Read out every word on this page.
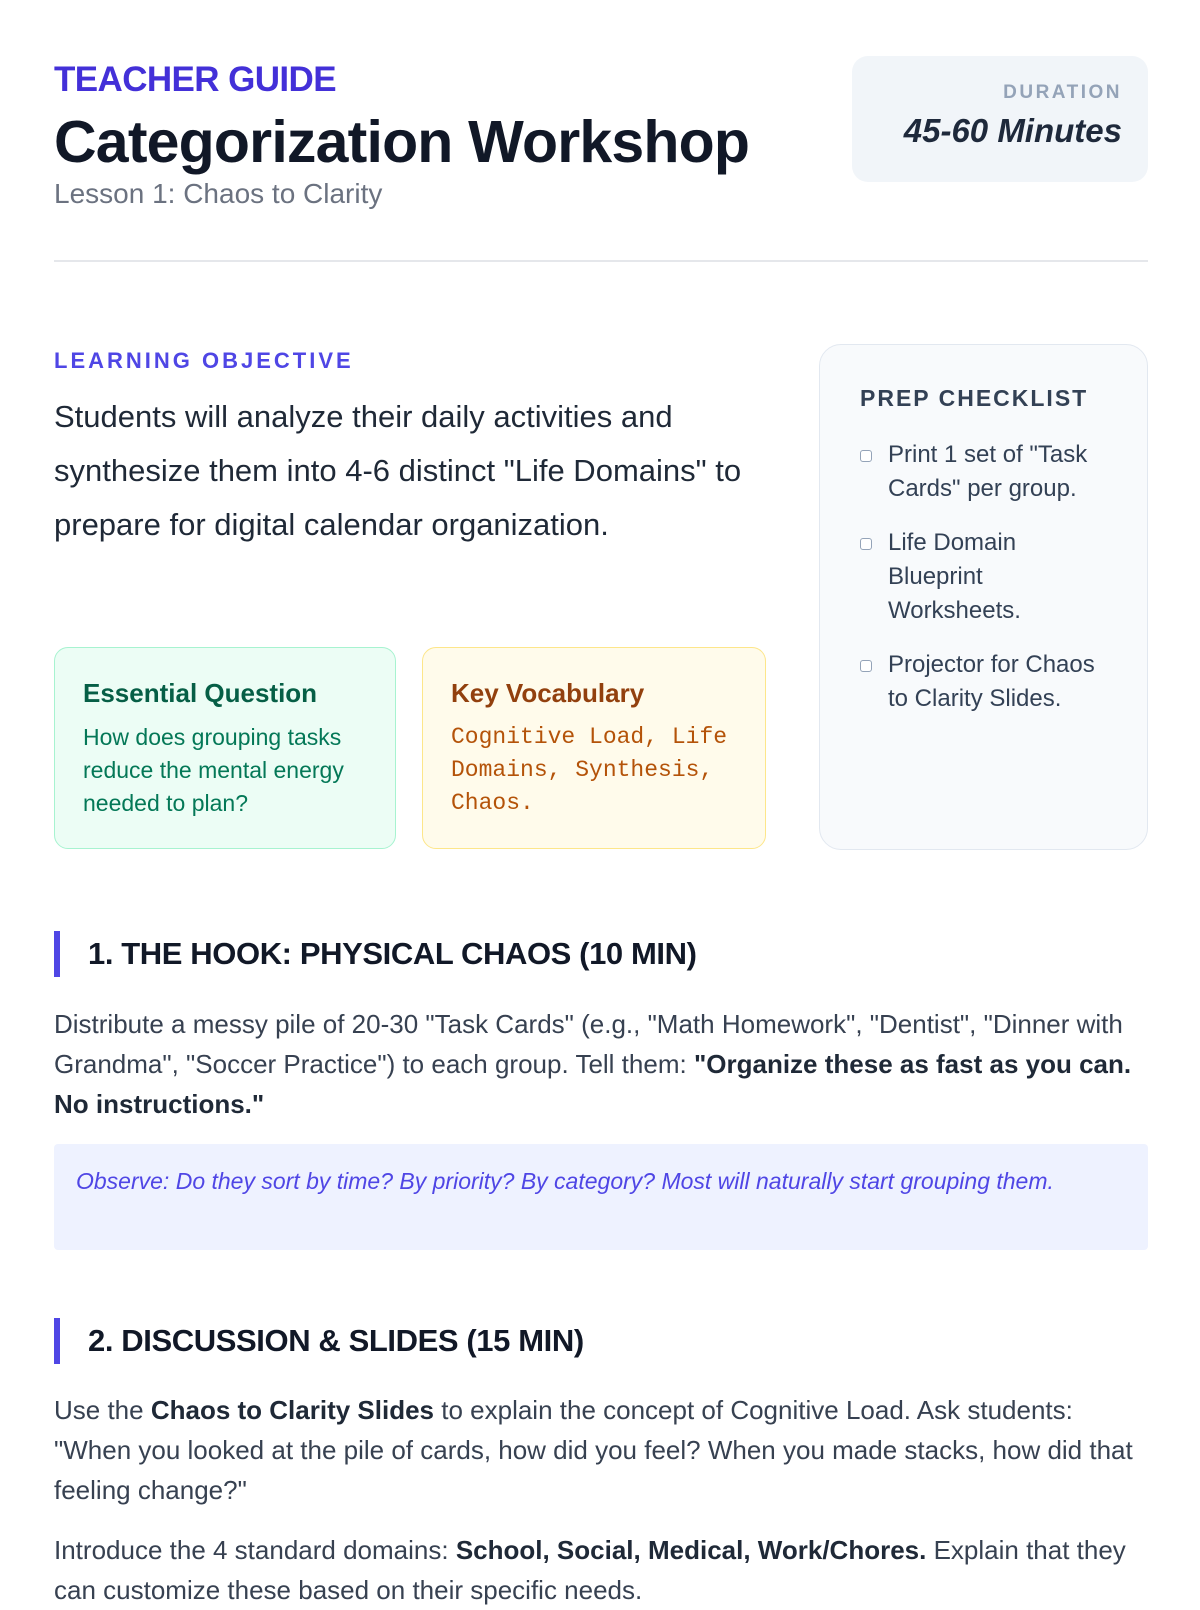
TEACHER GUIDE
Categorization Workshop
Lesson 1: Chaos to Clarity
DURATION
45-60 Minutes
LEARNING OBJECTIVE
Students will analyze their daily activities and synthesize them into 4-6 distinct "Life Domains" to prepare for digital calendar organization.
Essential Question
How does grouping tasks reduce the mental energy needed to plan?
Key Vocabulary
Cognitive Load, Life Domains, Synthesis, Chaos.
PREP CHECKLIST
Print 1 set of "Task Cards" per group.
Life Domain Blueprint Worksheets.
Projector for Chaos to Clarity Slides.
1. THE HOOK: PHYSICAL CHAOS (10 MIN)
Distribute a messy pile of 20-30 "Task Cards" (e.g., "Math Homework", "Dentist", "Dinner with Grandma", "Soccer Practice") to each group. Tell them: "Organize these as fast as you can. No instructions."
Observe: Do they sort by time? By priority? By category? Most will naturally start grouping them.
2. DISCUSSION & SLIDES (15 MIN)
Use the Chaos to Clarity Slides to explain the concept of Cognitive Load. Ask students: "When you looked at the pile of cards, how did you feel? When you made stacks, how did that feeling change?"
Introduce the 4 standard domains: School, Social, Medical, Work/Chores. Explain that they can customize these based on their specific needs.
